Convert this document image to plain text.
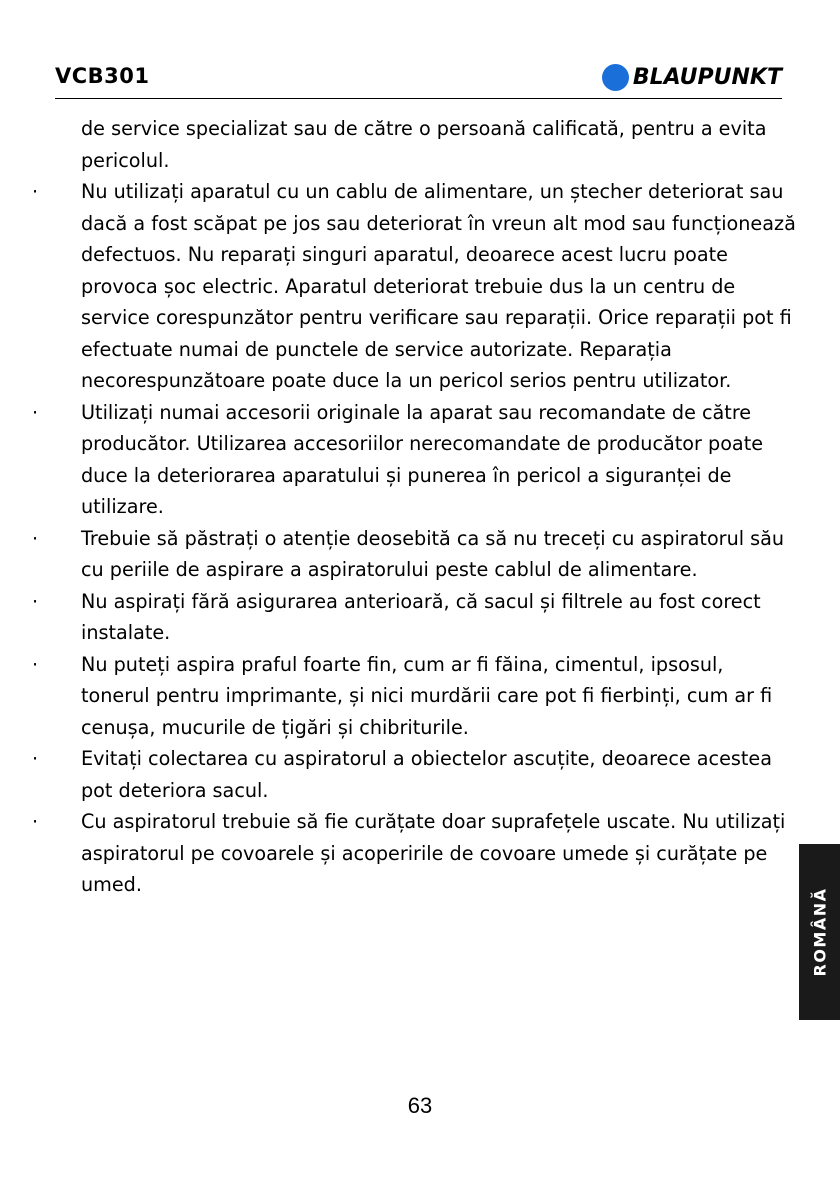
VCB301	BLAUPUNKT

de service specializat sau de către o persoană calificată, pentru a evita pericolul.

· Nu utilizați aparatul cu un cablu de alimentare, un ștecher deteriorat sau dacă a fost scăpat pe jos sau deteriorat în vreun alt mod sau funcționează defectuos. Nu reparați singuri aparatul, deoarece acest lucru poate provoca șoc electric. Aparatul deteriorat trebuie dus la un centru de service corespunzător pentru verificare sau reparații. Orice reparații pot fi efectuate numai de punctele de service autorizate. Reparația necorespunzătoare poate duce la un pericol serios pentru utilizator.

· Utilizați numai accesorii originale la aparat sau recomandate de către producător. Utilizarea accesoriilor nerecomandate de producător poate duce la deteriorarea aparatului și punerea în pericol a siguranței de utilizare.

· Trebuie să păstrați o atenție deosebită ca să nu treceți cu aspiratorul său cu periile de aspirare a aspiratorului peste cablul de alimentare.

· Nu aspirați fără asigurarea anterioară, că sacul și filtrele au fost corect instalate.

· Nu puteți aspira praful foarte fin, cum ar fi făina, cimentul, ipsosul, tonerul pentru imprimante, și nici murdării care pot fi fierbinți, cum ar fi cenușa, mucurile de țigări și chibriturile.

· Evitați colectarea cu aspiratorul a obiectelor ascuțite, deoarece acestea pot deteriora sacul.

· Cu aspiratorul trebuie să fie curățate doar suprafețele uscate. Nu utilizați aspiratorul pe covoarele și acoperirile de covoare umede și curățate pe umed.

ROMÂNĂ
63
